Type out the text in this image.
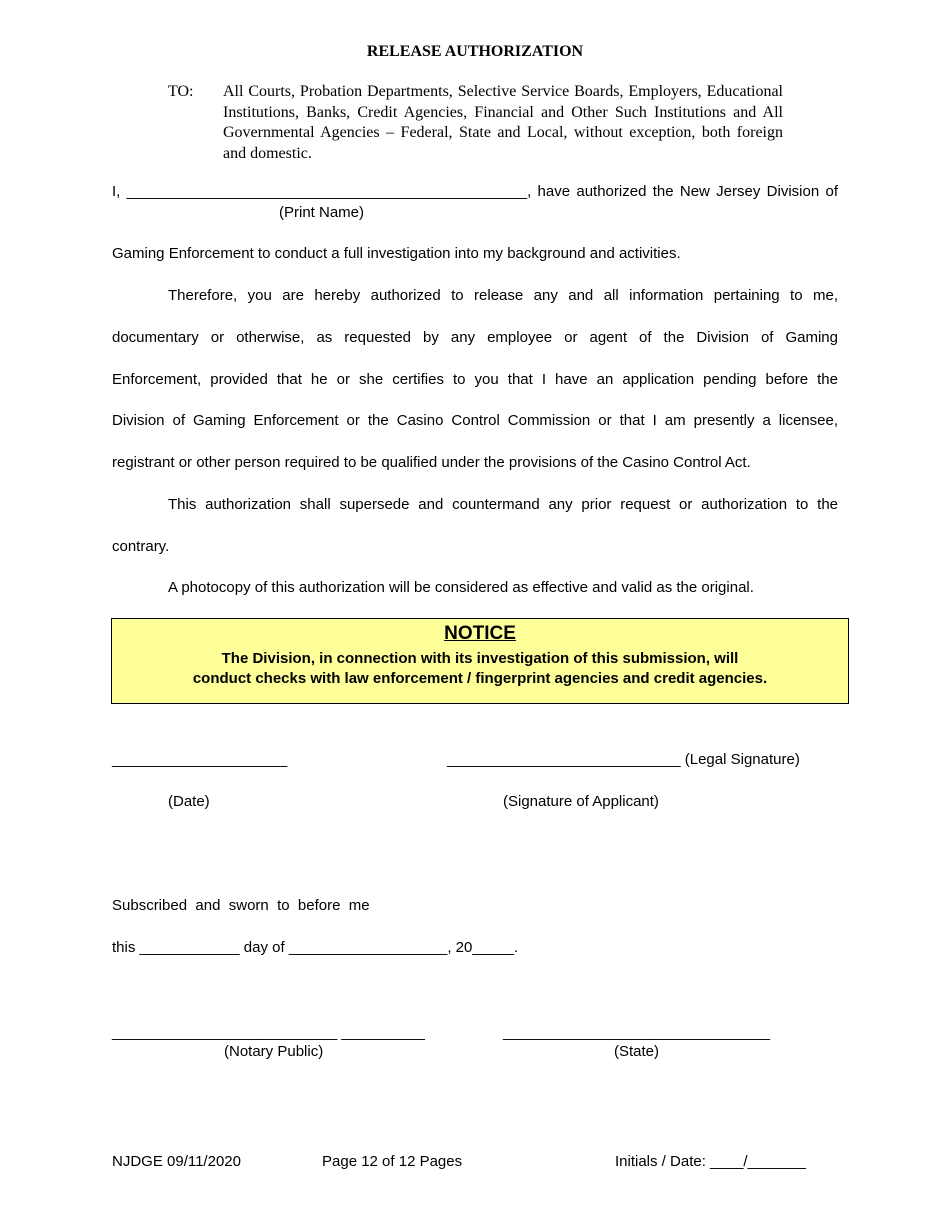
RELEASE AUTHORIZATION
TO: All Courts, Probation Departments, Selective Service Boards, Employers, Educational Institutions, Banks, Credit Agencies, Financial and Other Such Institutions and All Governmental Agencies – Federal, State and Local, without exception, both foreign and domestic.
I, ________________________________________________, have authorized the New Jersey Division of
(Print Name)
Gaming Enforcement to conduct a full investigation into my background and activities.
Therefore, you are hereby authorized to release any and all information pertaining to me,
documentary or otherwise, as requested by any employee or agent of the Division of Gaming
Enforcement, provided that he or she certifies to you that I have an application pending before the
Division of Gaming Enforcement or the Casino Control Commission or that I am presently a licensee,
registrant or other person required to be qualified under the provisions of the Casino Control Act.
This authorization shall supersede and countermand any prior request or authorization to the
contrary.
A photocopy of this authorization will be considered as effective and valid as the original.
NOTICE
The Division, in connection with its investigation of this submission, will
conduct checks with law enforcement / fingerprint agencies and credit agencies.
_____________________	____________________________ (Legal Signature)
(Date)	(Signature of Applicant)
Subscribed  and  sworn  to  before  me
this ____________ day of ___________________, 20_____.
___________________________ __________	________________________________
(Notary Public)	(State)
NJDGE 09/11/2020	Page 12 of 12 Pages	Initials / Date: ____/_______
